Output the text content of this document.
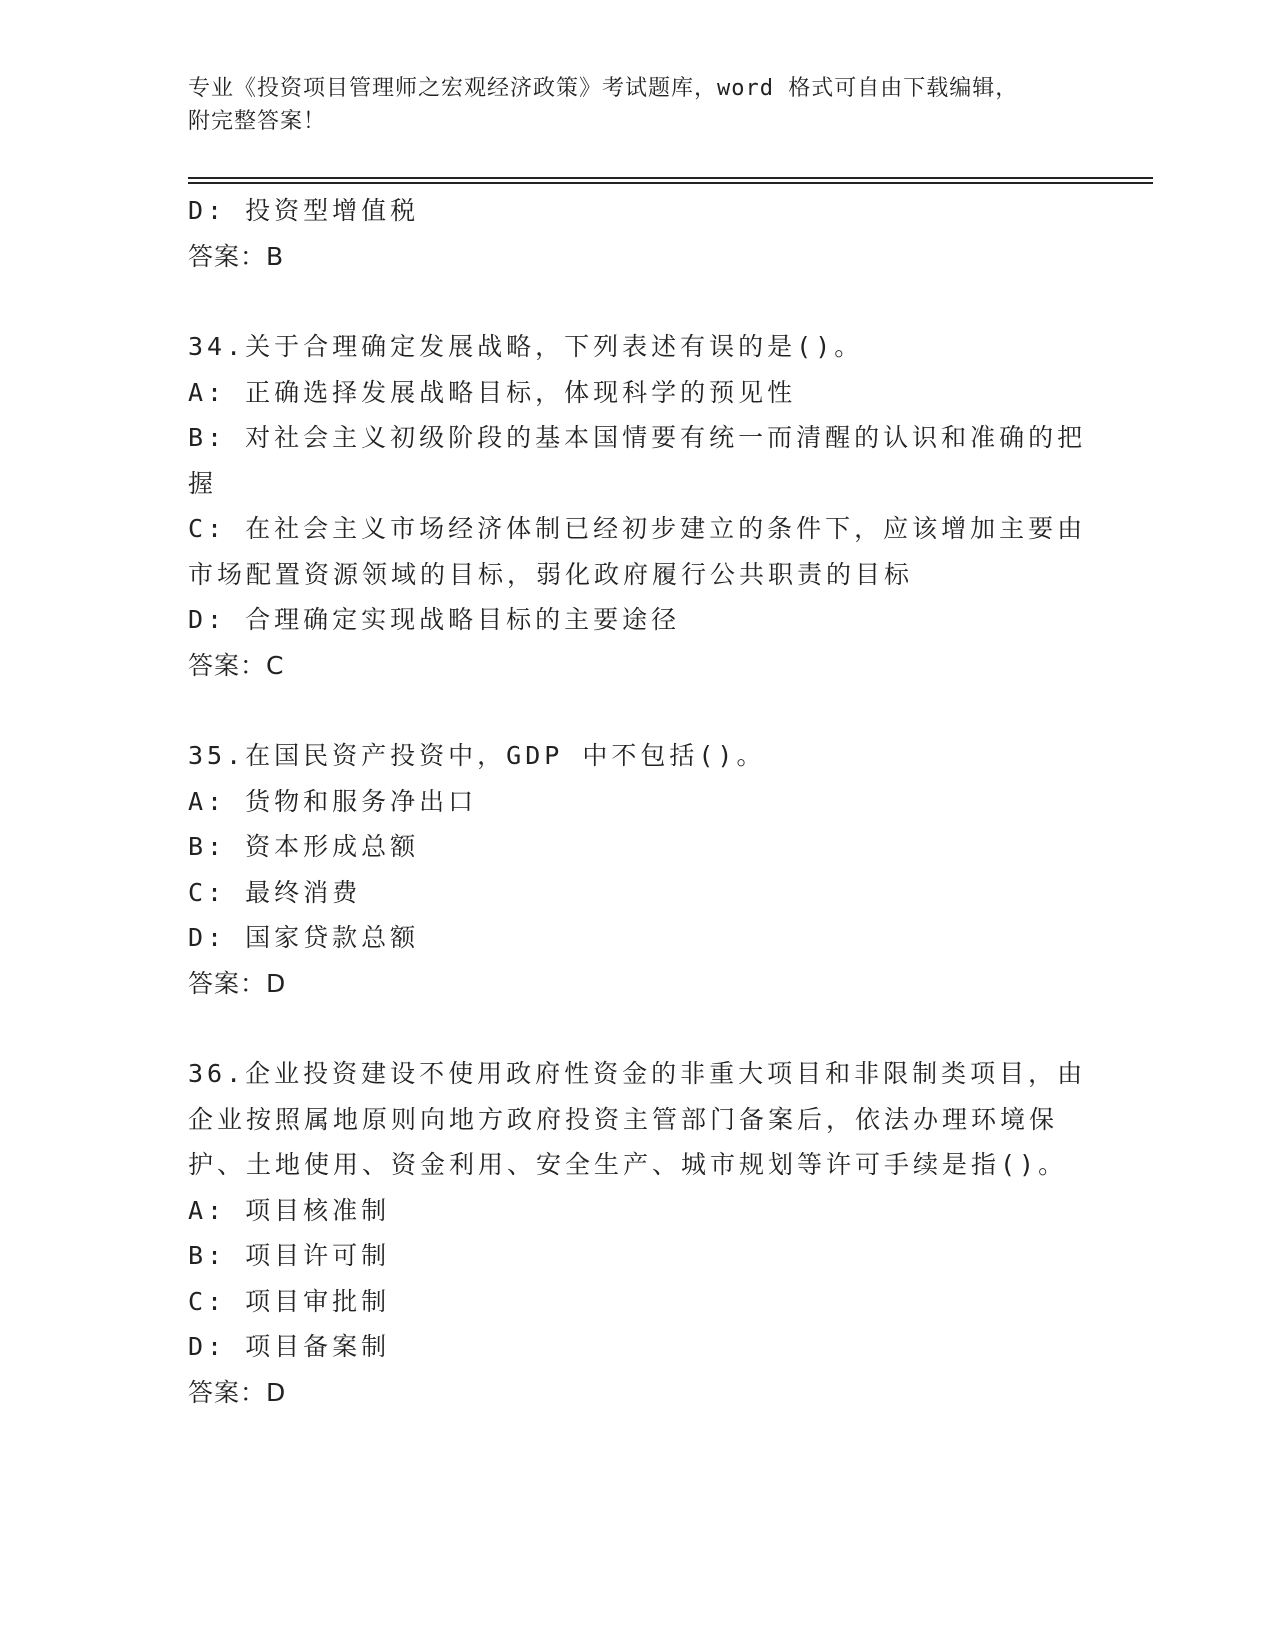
专业《投资项目管理师之宏观经济政策》考试题库，word 格式可自由下载编辑，
附完整答案！

D: 投资型增值税

答案：B

34.关于合理确定发展战略，下列表述有误的是()。

A: 正确选择发展战略目标，体现科学的预见性

B: 对社会主义初级阶段的基本国情要有统一而清醒的认识和准确的把

握

C: 在社会主义市场经济体制已经初步建立的条件下，应该增加主要由

市场配置资源领域的目标，弱化政府履行公共职责的目标

D: 合理确定实现战略目标的主要途径

答案：C

35.在国民资产投资中，GDP 中不包括()。

A: 货物和服务净出口

B: 资本形成总额

C: 最终消费

D: 国家贷款总额

答案：D

36.企业投资建设不使用政府性资金的非重大项目和非限制类项目，由

企业按照属地原则向地方政府投资主管部门备案后，依法办理环境保

护、土地使用、资金利用、安全生产、城市规划等许可手续是指()。

A: 项目核准制

B: 项目许可制

C: 项目审批制

D: 项目备案制

答案：D
